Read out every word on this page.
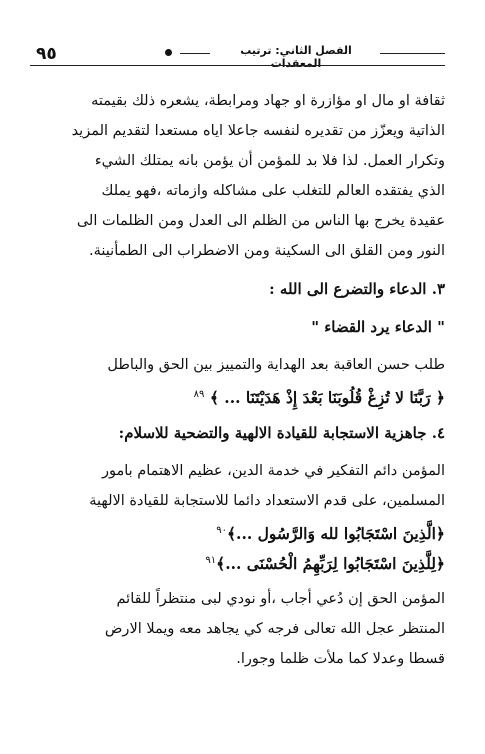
٩٥	الفصل الثاني: ترتيب المعقدات
ثقافة او مال او مؤازرة او جهاد ومرابطة، يشعره ذلك بقيمته
الذاتية ويعزّز من تقديره لنفسه جاعلا اياه مستعدا لتقديم المزيد
وتكرار العمل. لذا فلا بد للمؤمن أن يؤمن بانه يمتلك الشيء
الذي يفتقده العالم للتغلب على مشاكله وازماته ،فهو يملك
عقيدة يخرج بها الناس من الظلم الى العدل ومن الظلمات الى
النور ومن القلق الى السكينة ومن الاضطراب الى الطمأنينة.
٣. الدعاء والتضرع الى الله :
" الدعاء يرد القضاء "
طلب حسن العاقبة بعد الهداية والتمييز بين الحق والباطل
﴿ رَبَّنَا لا تُزِغْ قُلُوبَنَا بَعْدَ إِذْ هَدَيْتَنَا ... ﴾ $^{٨٩}$
٤. جاهزية الاستجابة للقيادة الالهية والتضحية للاسلام:
المؤمن دائم التفكير في خدمة الدين، عظيم الاهتمام بامور
المسلمين، على قدم الاستعداد دائما للاستجابة للقيادة الالهية
﴿الَّذِينَ اسْتَجَابُوا لله وَالرَّسُول ...﴾$^{٩٠}$
﴿لِلَّذِينَ اسْتَجَابُوا لِرَبِّهِمُ الْحُسْنَى ...﴾$^{٩١}$
المؤمن الحق إن دُعي أجاب ،أو نودي لبى منتظراً للقائم
المنتظر عجل الله تعالى فرجه كي يجاهد معه ويملا الارض
قسطا وعدلا كما ملأت ظلما وجورا.
